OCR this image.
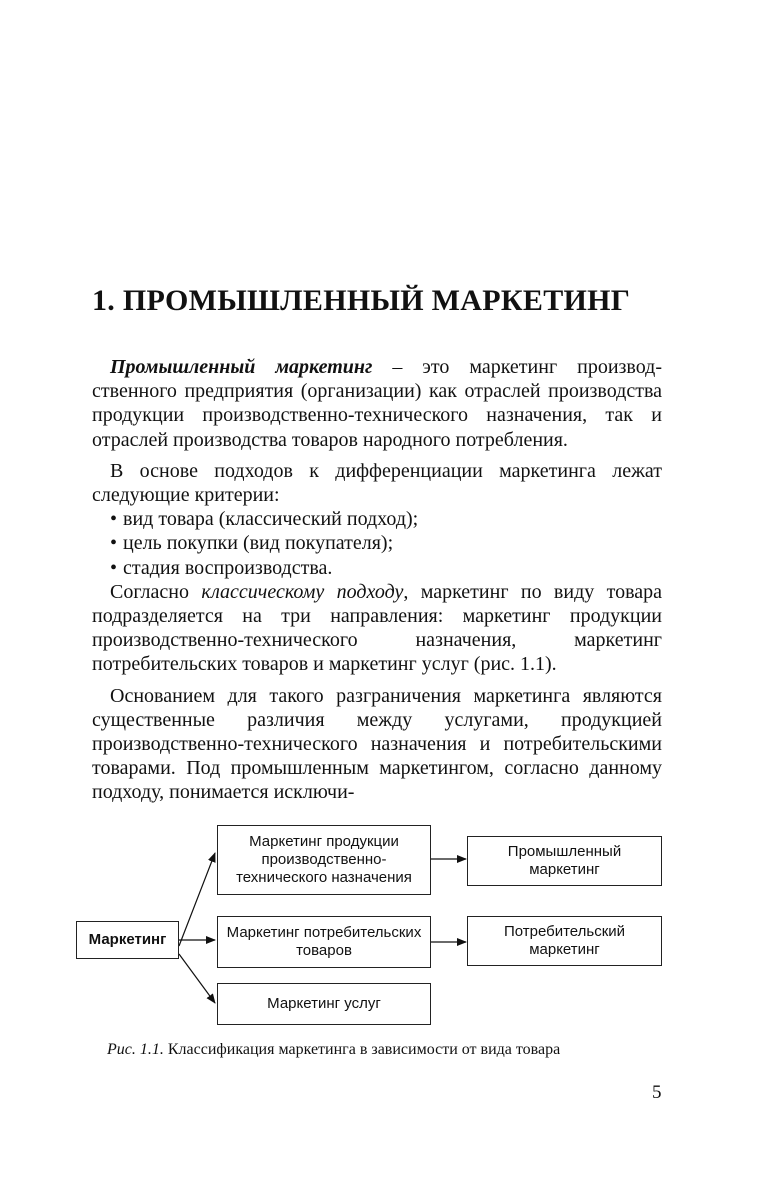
1. ПРОМЫШЛЕННЫЙ МАРКЕТИНГ

Промышленный маркетинг – это маркетинг производственного предприятия (организации) как отраслей производства продукции производственно-технического назначения, так и отраслей производства товаров народного потребления.

В основе подходов к дифференциации маркетинга лежат следующие критерии:

• вид товара (классический подход);
• цель покупки (вид покупателя);
• стадия воспроизводства.

Согласно классическому подходу, маркетинг по виду товара подразделяется на три направления: маркетинг продукции производственно-технического назначения, маркетинг потребительских товаров и маркетинг услуг (рис. 1.1).

Основанием для такого разграничения маркетинга являются существенные различия между услугами, продукцией производственно-технического назначения и потребительскими товарами. Под промышленным маркетингом, согласно данному подходу, понимается исключи-

Маркетинг
Маркетинг продукции производственно-технического назначения
Маркетинг потребительских товаров
Маркетинг услуг
Промышленный маркетинг
Потребительский маркетинг
Рис. 1.1. Классификация маркетинга в зависимости от вида товара
5
